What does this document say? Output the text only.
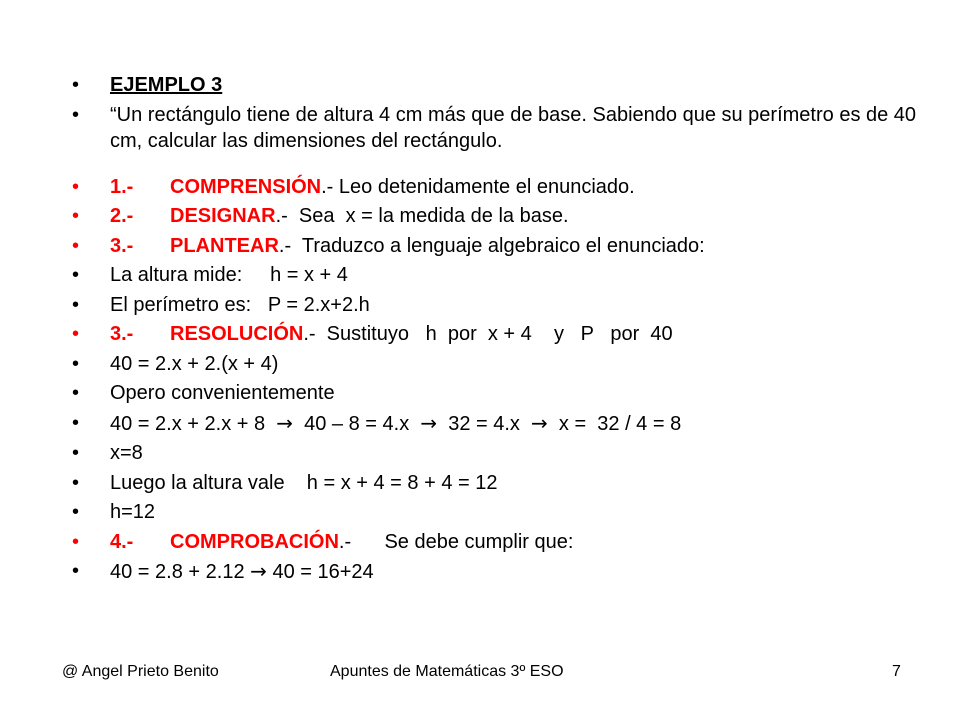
• EJEMPLO 3
• “Un rectángulo tiene de altura 4 cm más que de base. Sabiendo que su perímetro es de 40 cm, calcular las dimensiones del rectángulo.
• 1.- COMPRENSIÓN.- Leo detenidamente el enunciado.
• 2.- DESIGNAR.-  Sea  x = la medida de la base.
• 3.- PLANTEAR.-  Traduzco a lenguaje algebraico el enunciado:
• La altura mide:     h = x + 4
• El perímetro es:   P = 2.x+2.h
• 3.- RESOLUCIÓN.-  Sustituyo   h  por  x + 4    y   P   por  40
• 40 = 2.x + 2.(x + 4)
• Opero convenientemente
• 40 = 2.x + 2.x + 8  →  40 – 8 = 4.x  →  32 = 4.x  →  x =  32 / 4 = 8
• x=8
• Luego la altura vale    h = x + 4 = 8 + 4 = 12
• h=12
• 4.- COMPROBACIÓN.-      Se debe cumplir que:
• 40 = 2.8 + 2.12 → 40 = 16+24
@ Angel Prieto Benito	Apuntes de Matemáticas 3º ESO	7
